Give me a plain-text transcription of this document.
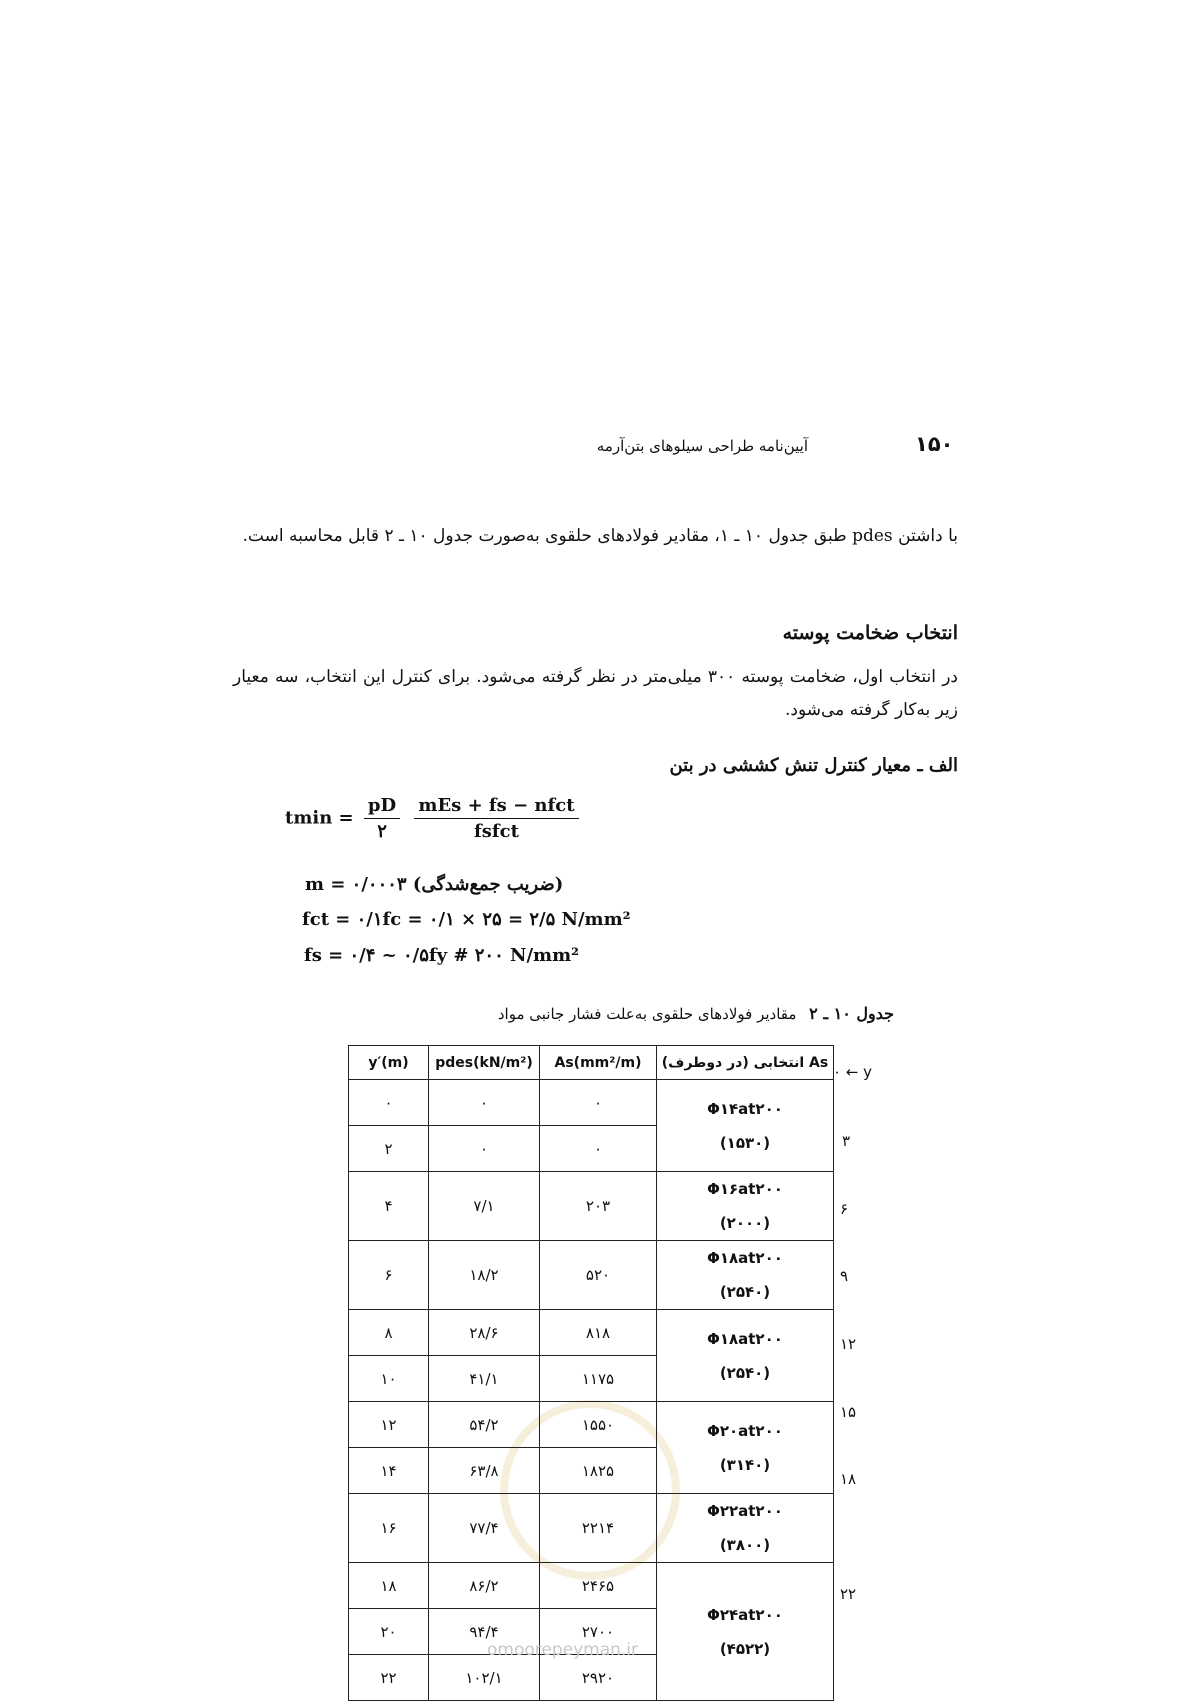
۱۵۰
آیین‌نامه طراحی سیلوهای بتن‌آرمه
با داشتن pdes طبق جدول ۱۰ ـ ۱، مقادیر فولادهای حلقوی به‌صورت جدول ۱۰ ـ ۲ قابل محاسبه است.
انتخاب ضخامت پوسته
در انتخاب اول، ضخامت پوسته ۳۰۰ میلی‌متر در نظر گرفته می‌شود. برای کنترل این انتخاب، سه معیار زیر به‌کار گرفته می‌شود.
الف ـ معیار کنترل تنش کششی در بتن
$tmin = \frac{pD}{۲}$
$\frac{\text{mEs + fs − nfct}}{\text{fsfct}}$
m = ۰/۰۰۰۳ (ضریب جمع‌شدگی)
fct = ۰/۱fc = ۰/۱ × ۲۵ = ۲/۵ N/mm²
fs = ۰/۴ ~ ۰/۵fy # ۲۰۰ N/mm²
جدول ۱۰ ـ ۲ مقادیر فولادهای حلقوی به‌علت فشار جانبی مواد
y′(m)	pdes(kN/m²)	As(mm²/m)	As انتخابی (در دوطرف)
۰	۰	۰	Φ۱۴at۲۰۰
(۱۵۳۰)

۲	۰	۰	
۴	۷/۱	۲۰۳	Φ۱۶at۲۰۰
(۲۰۰۰)

۶	۱۸/۲	۵۲۰	Φ۱۸at۲۰۰
(۲۵۴۰)

۸	۲۸/۶	۸۱۸	Φ۱۸at۲۰۰
(۲۵۴۰)

۱۰	۴۱/۱	۱۱۷۵	
۱۲	۵۴/۲	۱۵۵۰	Φ۲۰at۲۰۰
(۳۱۴۰)

۱۴	۶۳/۸	۱۸۲۵	
۱۶	۷۷/۴	۲۲۱۴	Φ۲۲at۲۰۰
(۳۸۰۰)

۱۸	۸۶/۲	۲۴۶۵	Φ۲۴at۲۰۰
(۴۵۲۲)

۲۰	۹۴/۴	۲۷۰۰	
۲۲	۱۰۲/۱	۲۹۲۰	
۰ ← y
۳
۶
۹
۱۲
۱۵
۱۸
۲۲
omoorepeyman.ir
